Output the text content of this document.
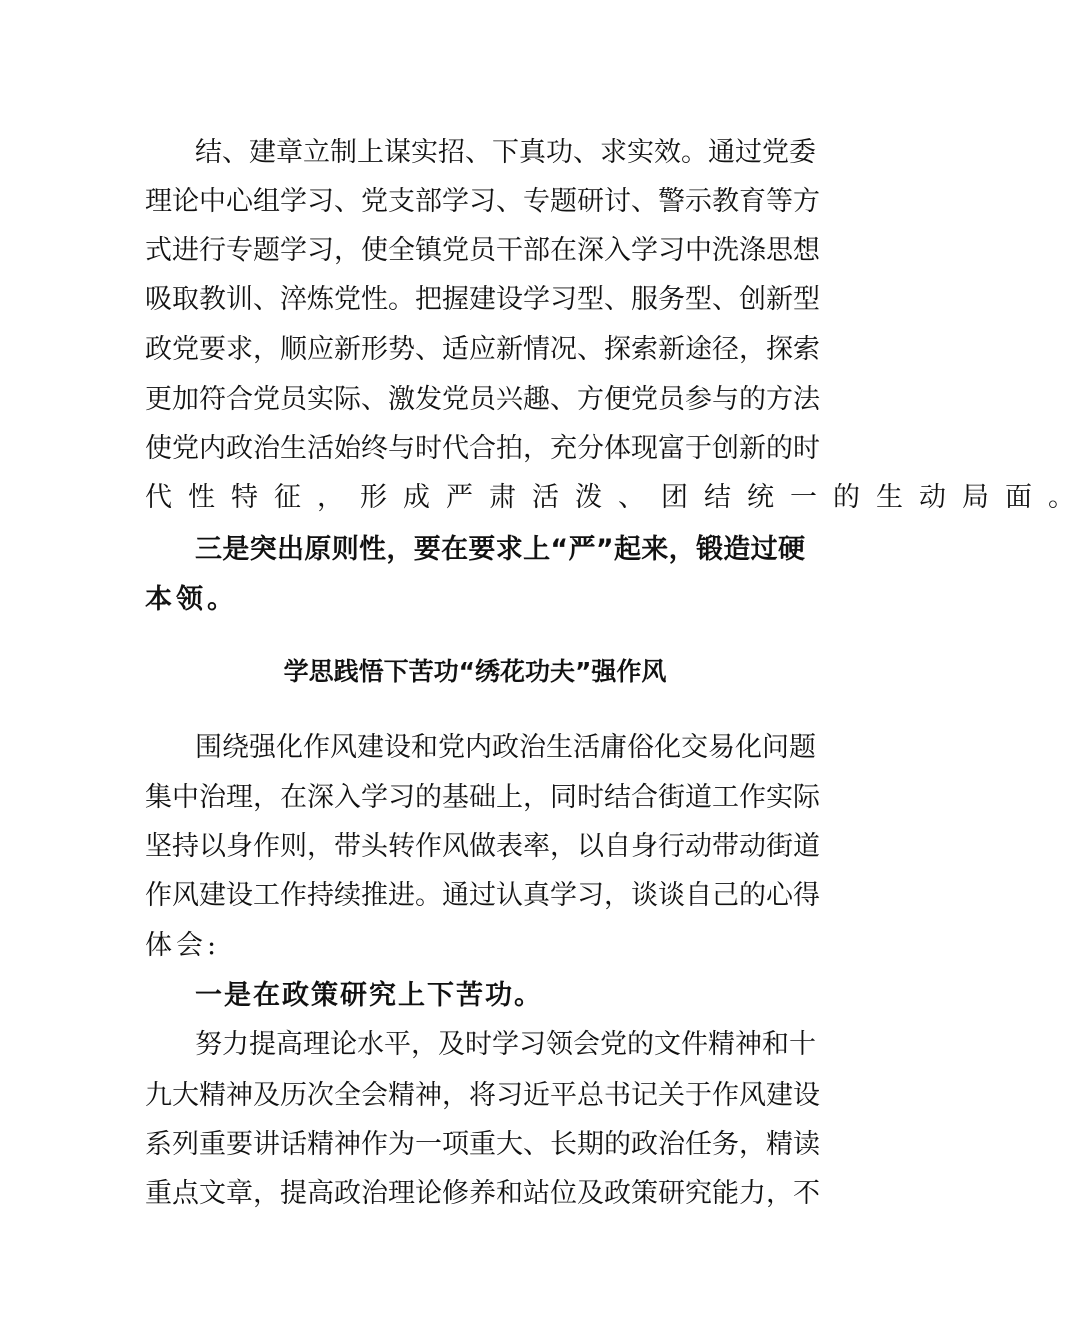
结、建章立制上谋实招、下真功、求实效。通过党委
理论中心组学习、党支部学习、专题研讨、警示教育等方
式进行专题学习，使全镇党员干部在深入学习中洗涤思想
吸取教训、淬炼党性。把握建设学习型、服务型、创新型
政党要求，顺应新形势、适应新情况、探索新途径，探索
更加符合党员实际、激发党员兴趣、方便党员参与的方法
使党内政治生活始终与时代合拍，充分体现富于创新的时
代性特征，形成严肃活泼、团结统一的生动局面。
三是突出原则性，要在要求上“严”起来，锻造过硬
本领。
学思践悟下苦功“绣花功夫”强作风
围绕强化作风建设和党内政治生活庸俗化交易化问题
集中治理，在深入学习的基础上，同时结合街道工作实际
坚持以身作则，带头转作风做表率，以自身行动带动街道
作风建设工作持续推进。通过认真学习，谈谈自己的心得
体会:
一是在政策研究上下苦功。
努力提高理论水平，及时学习领会党的文件精神和十
九大精神及历次全会精神，将习近平总书记关于作风建设
系列重要讲话精神作为一项重大、长期的政治任务，精读
重点文章，提高政治理论修养和站位及政策研究能力，不
